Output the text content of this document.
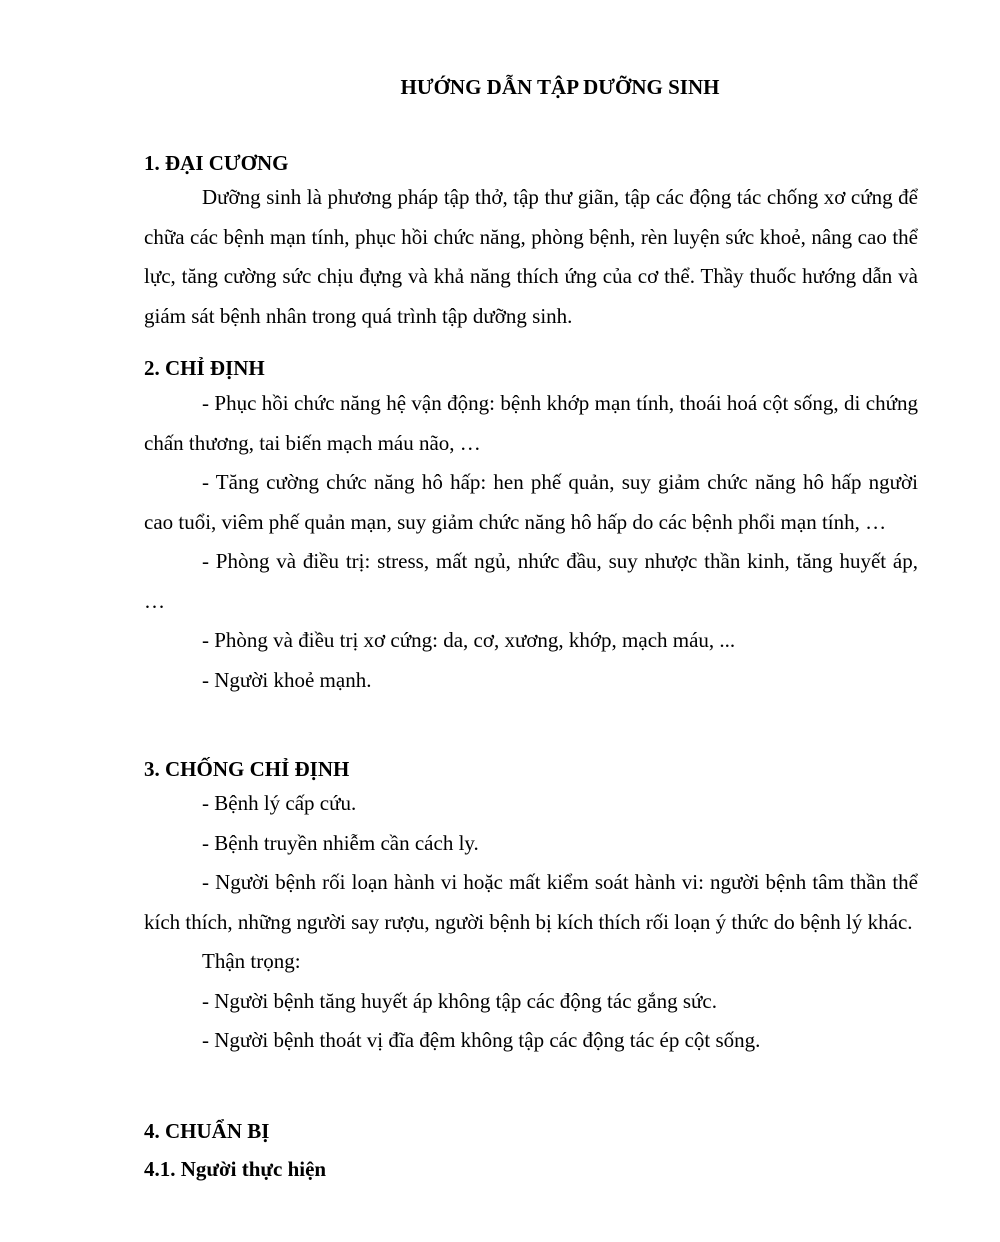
HƯỚNG DẪN TẬP DƯỠNG SINH
1. ĐẠI CƯƠNG

Dưỡng sinh là phương pháp tập thở, tập thư giãn, tập các động tác chống xơ cứng để chữa các bệnh mạn tính, phục hồi chức năng, phòng bệnh, rèn luyện sức khoẻ, nâng cao thể lực, tăng cường sức chịu đựng và khả năng thích ứng của cơ thể. Thầy thuốc hướng dẫn và giám sát bệnh nhân trong quá trình tập dưỡng sinh.

2. CHỈ ĐỊNH

- Phục hồi chức năng hệ vận động: bệnh khớp mạn tính, thoái hoá cột sống, di chứng chấn thương, tai biến mạch máu não, …

- Tăng cường chức năng hô hấp: hen phế quản, suy giảm chức năng hô hấp người cao tuổi, viêm phế quản mạn, suy giảm chức năng hô hấp do các bệnh phổi mạn tính, …

- Phòng và điều trị: stress, mất ngủ, nhức đầu, suy nhược thần kinh, tăng huyết áp, …

- Phòng và điều trị xơ cứng: da, cơ, xương, khớp, mạch máu, ...

- Người khoẻ mạnh.

3. CHỐNG CHỈ ĐỊNH

- Bệnh lý cấp cứu.

- Bệnh truyền nhiễm cần cách ly.

- Người bệnh rối loạn hành vi hoặc mất kiểm soát hành vi: người bệnh tâm thần thể kích thích, những người say rượu, người bệnh bị kích thích rối loạn ý thức do bệnh lý khác.

Thận trọng:

- Người bệnh tăng huyết áp không tập các động tác gắng sức.

- Người bệnh thoát vị đĩa đệm không tập các động tác ép cột sống.

4. CHUẨN BỊ
4.1. Người thực hiện
